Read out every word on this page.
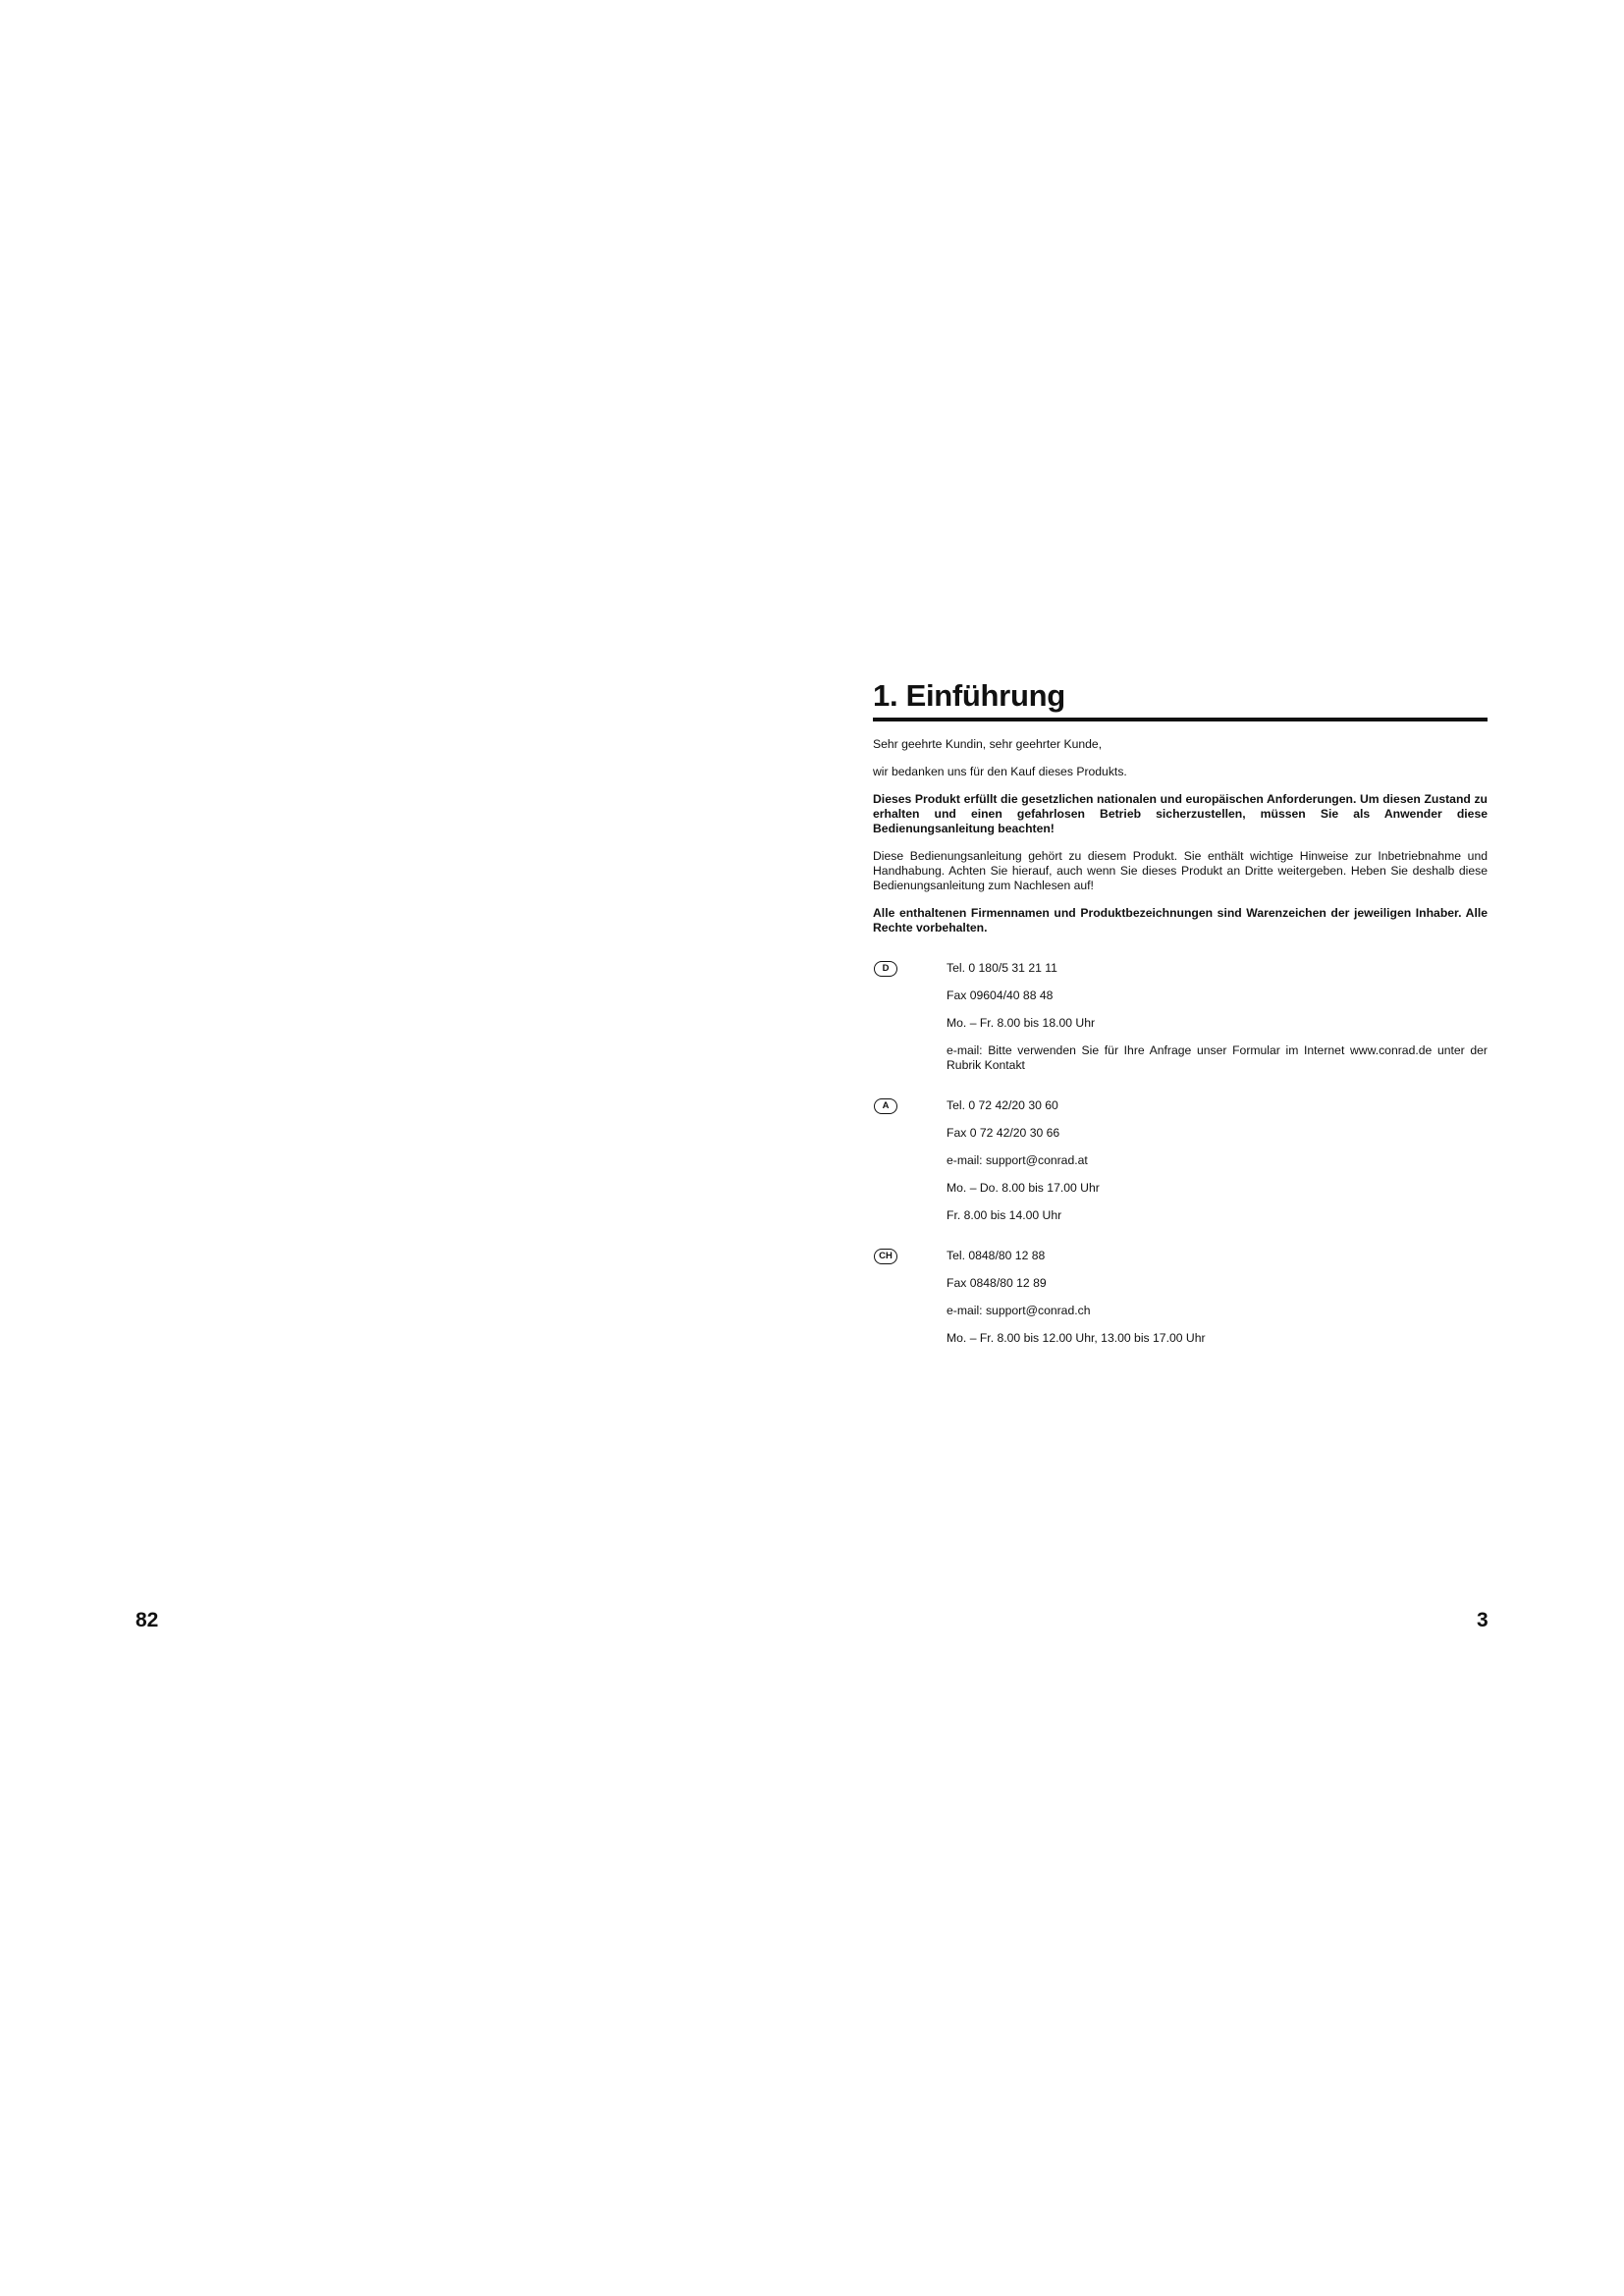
82	3
1. Einführung

Sehr geehrte Kundin, sehr geehrter Kunde,

wir bedanken uns für den Kauf dieses Produkts.

Dieses Produkt erfüllt die gesetzlichen nationalen und europäischen Anforderungen. Um diesen Zustand zu erhalten und einen gefahrlosen Betrieb sicherzustellen, müssen Sie als Anwender diese Bedienungsanleitung beachten!

Diese Bedienungsanleitung gehört zu diesem Produkt. Sie enthält wichtige Hinweise zur Inbetriebnahme und Handhabung. Achten Sie hierauf, auch wenn Sie dieses Produkt an Dritte weitergeben. Heben Sie deshalb diese Bedienungsanleitung zum Nachlesen auf!

Alle enthaltenen Firmennamen und Produktbezeichnungen sind Warenzeichen der jeweiligen Inhaber. Alle Rechte vorbehalten.

D	Tel. 0 180/5 31 21 11

Fax 09604/40 88 48

Mo. – Fr. 8.00 bis 18.00 Uhr

e-mail: Bitte verwenden Sie für Ihre Anfrage unser Formular im Internet www.conrad.de unter der Rubrik Kontakt

A	Tel. 0 72 42/20 30 60

Fax 0 72 42/20 30 66

e-mail: support@conrad.at

Mo. – Do. 8.00 bis 17.00 Uhr

Fr. 8.00 bis 14.00 Uhr

CH	Tel. 0848/80 12 88

Fax 0848/80 12 89

e-mail: support@conrad.ch

Mo. – Fr. 8.00 bis 12.00 Uhr, 13.00 bis 17.00 Uhr
